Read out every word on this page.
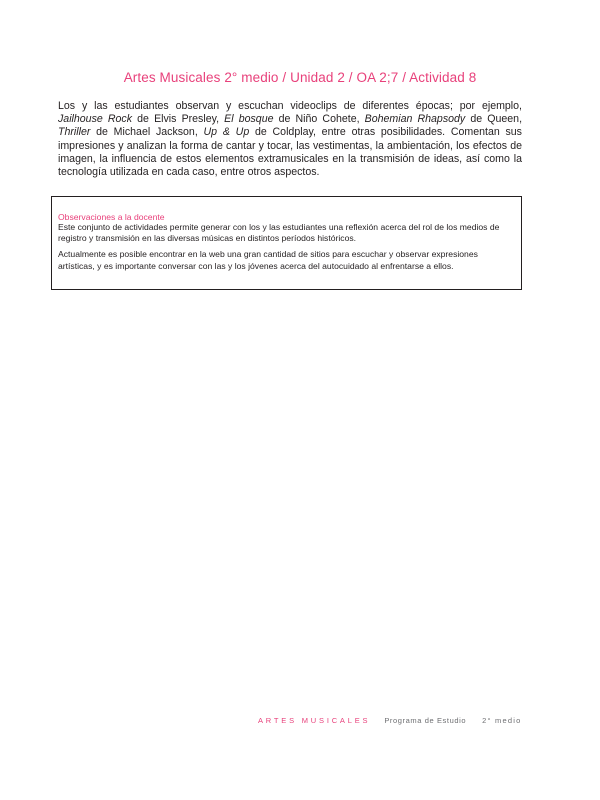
Artes Musicales 2° medio / Unidad 2 / OA 2;7 / Actividad 8

Los y las estudiantes observan y escuchan videoclips de diferentes épocas; por ejemplo, Jailhouse Rock de Elvis Presley, El bosque de Niño Cohete, Bohemian Rhapsody de Queen, Thriller de Michael Jackson, Up & Up de Coldplay, entre otras posibilidades. Comentan sus impresiones y analizan la forma de cantar y tocar, las vestimentas, la ambientación, los efectos de imagen, la influencia de estos elementos extramusicales en la transmisión de ideas, así como la tecnología utilizada en cada caso, entre otros aspectos.

Observaciones a la docente

Este conjunto de actividades permite generar con los y las estudiantes una reflexión acerca del rol de los medios de registro y transmisión en las diversas músicas en distintos períodos históricos.

Actualmente es posible encontrar en la web una gran cantidad de sitios para escuchar y observar expresiones artísticas, y es importante conversar con las y los jóvenes acerca del autocuidado al enfrentarse a ellos.

ARTES MUSICALES Programa de Estudio 2° medio
